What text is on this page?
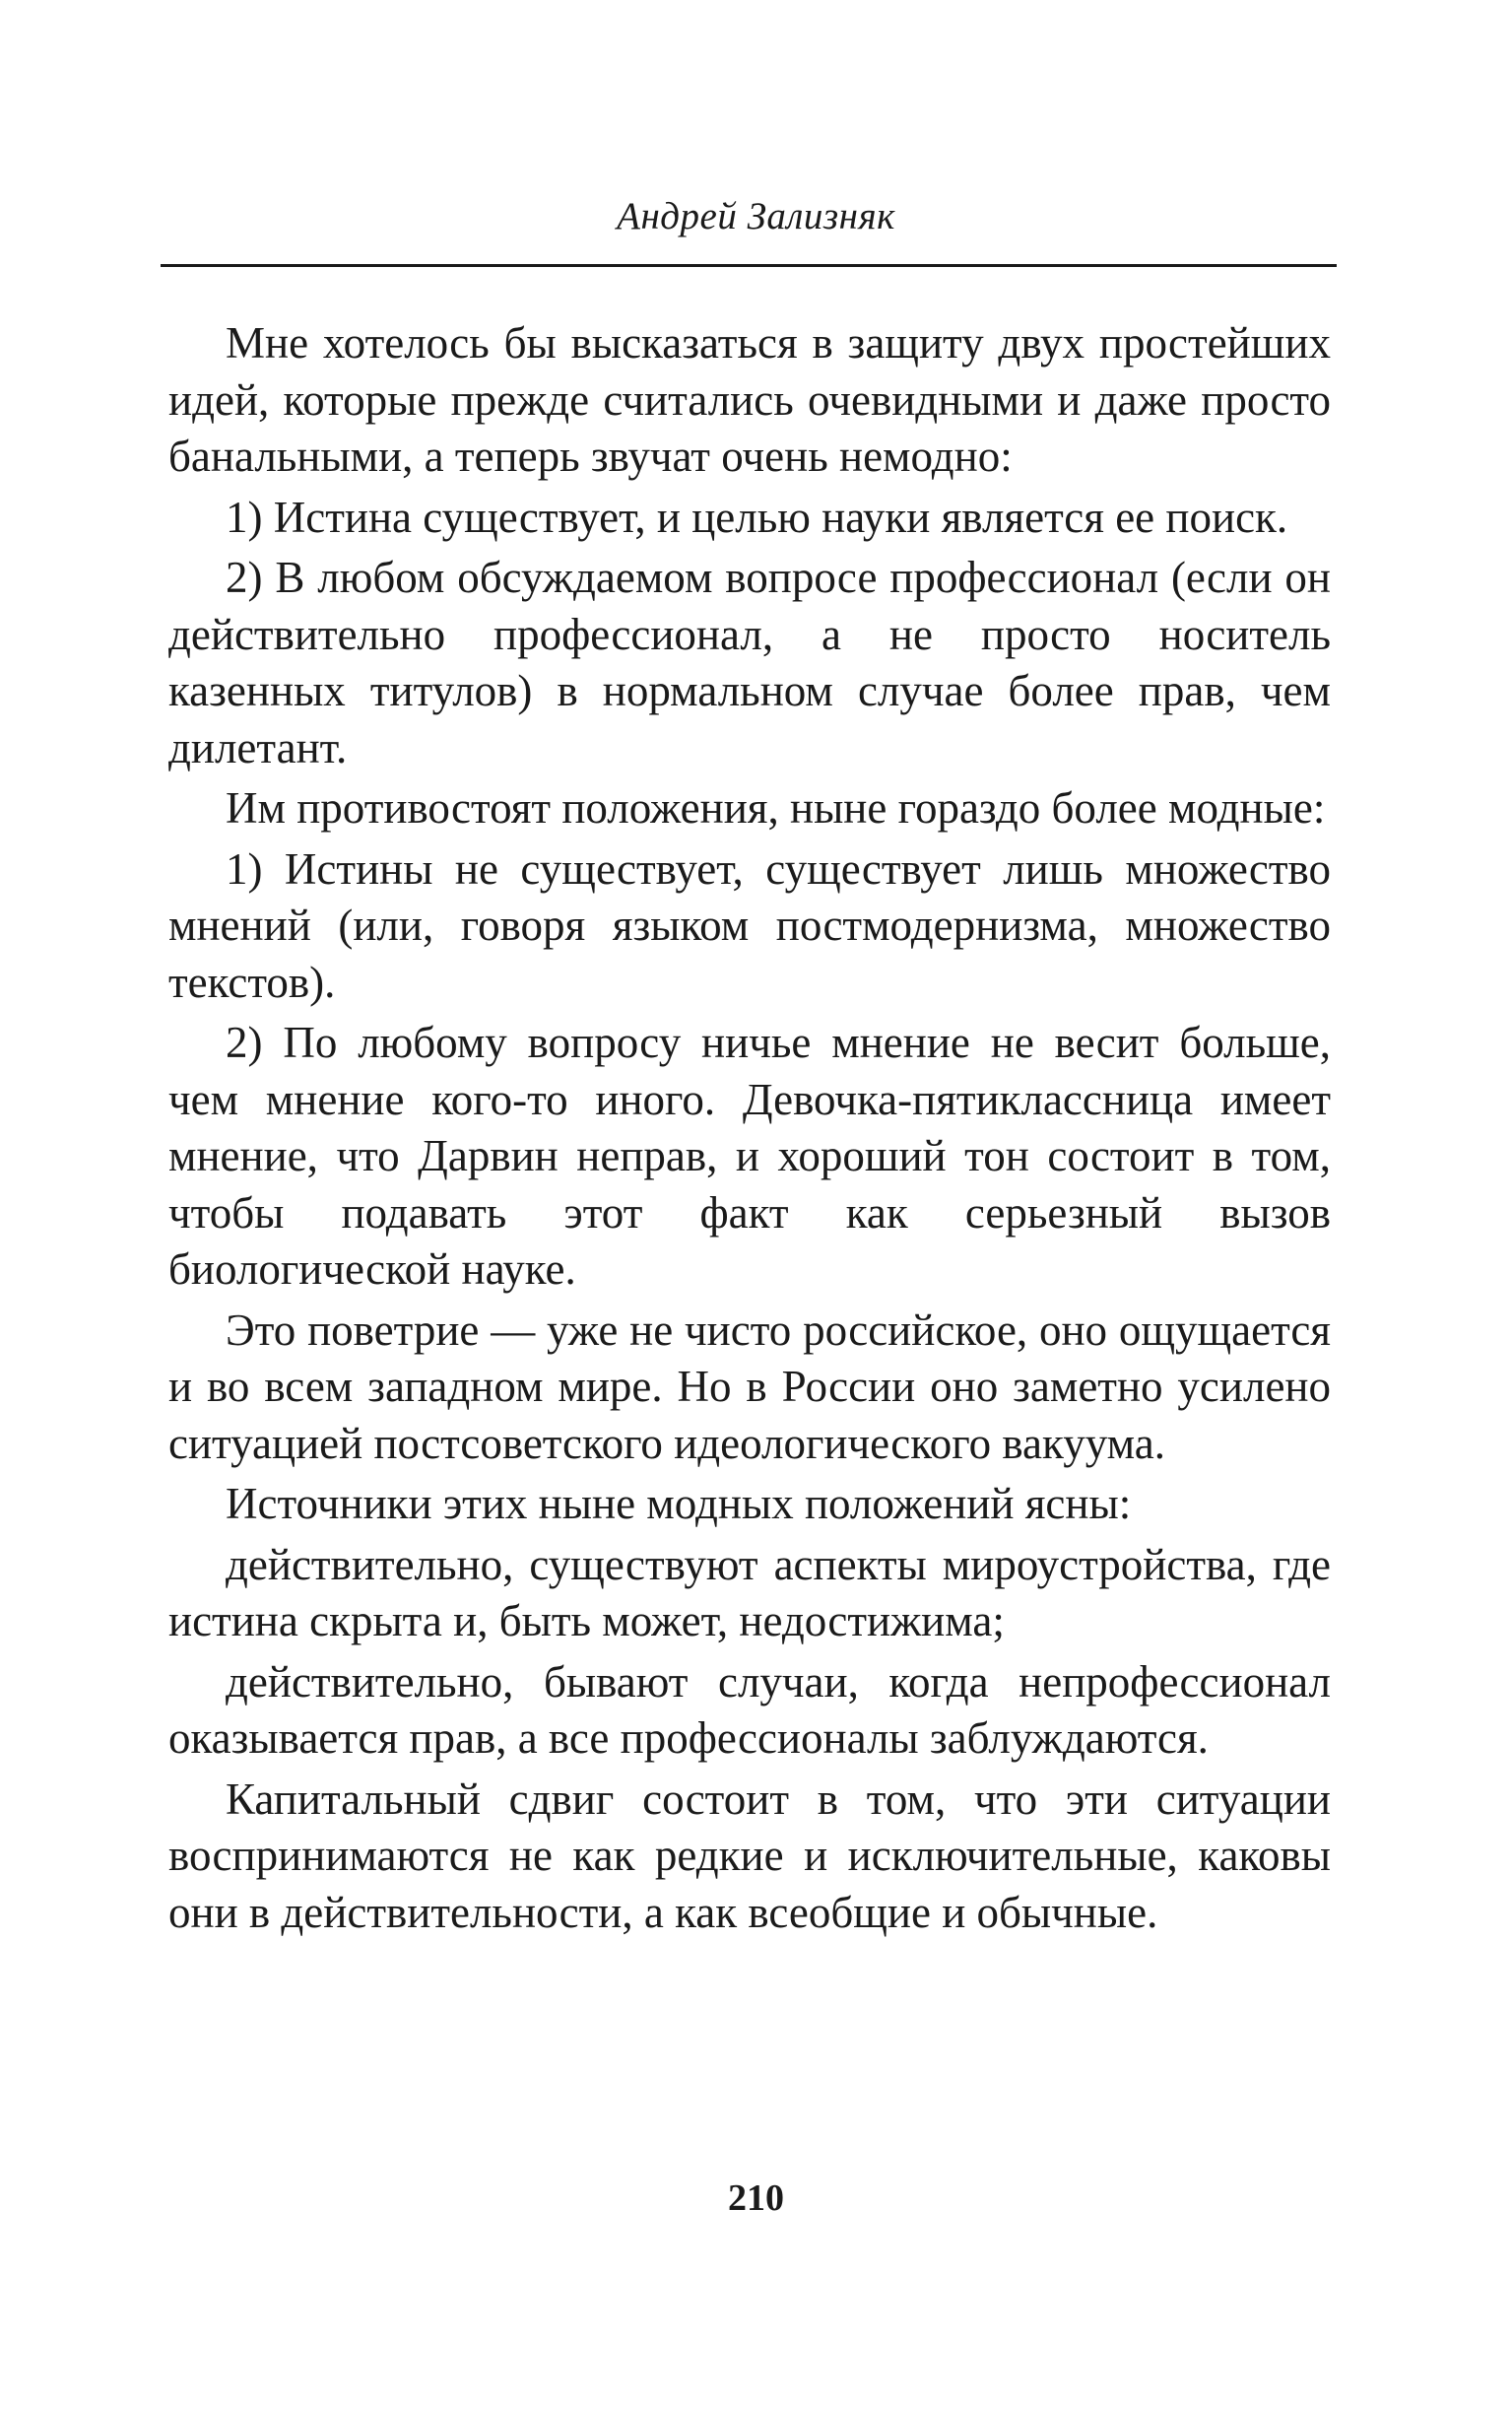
Андрей Зализняк

Мне хотелось бы высказаться в защиту двух простейших идей, которые прежде считались очевидными и даже просто банальными, а теперь звучат очень немодно:

1) Истина существует, и целью науки является ее поиск.

2) В любом обсуждаемом вопросе профессионал (если он действительно профессионал, а не просто носитель казенных титулов) в нормальном случае более прав, чем дилетант.

Им противостоят положения, ныне гораздо более модные:

1) Истины не существует, существует лишь множество мнений (или, говоря языком постмодернизма, множество текстов).

2) По любому вопросу ничье мнение не весит больше, чем мнение кого-то иного. Девочка-пятиклассница имеет мнение, что Дарвин неправ, и хороший тон состоит в том, чтобы подавать этот факт как серьезный вызов биологической науке.

Это поветрие — уже не чисто российское, оно ощущается и во всем западном мире. Но в России оно заметно усилено ситуацией постсоветского идеологического вакуума.

Источники этих ныне модных положений ясны:

действительно, существуют аспекты мироустройства, где истина скрыта и, быть может, недостижима;

действительно, бывают случаи, когда непрофессионал оказывается прав, а все профессионалы заблуждаются.

Капитальный сдвиг состоит в том, что эти ситуации воспринимаются не как редкие и исключительные, каковы они в действительности, а как всеобщие и обычные.

210
